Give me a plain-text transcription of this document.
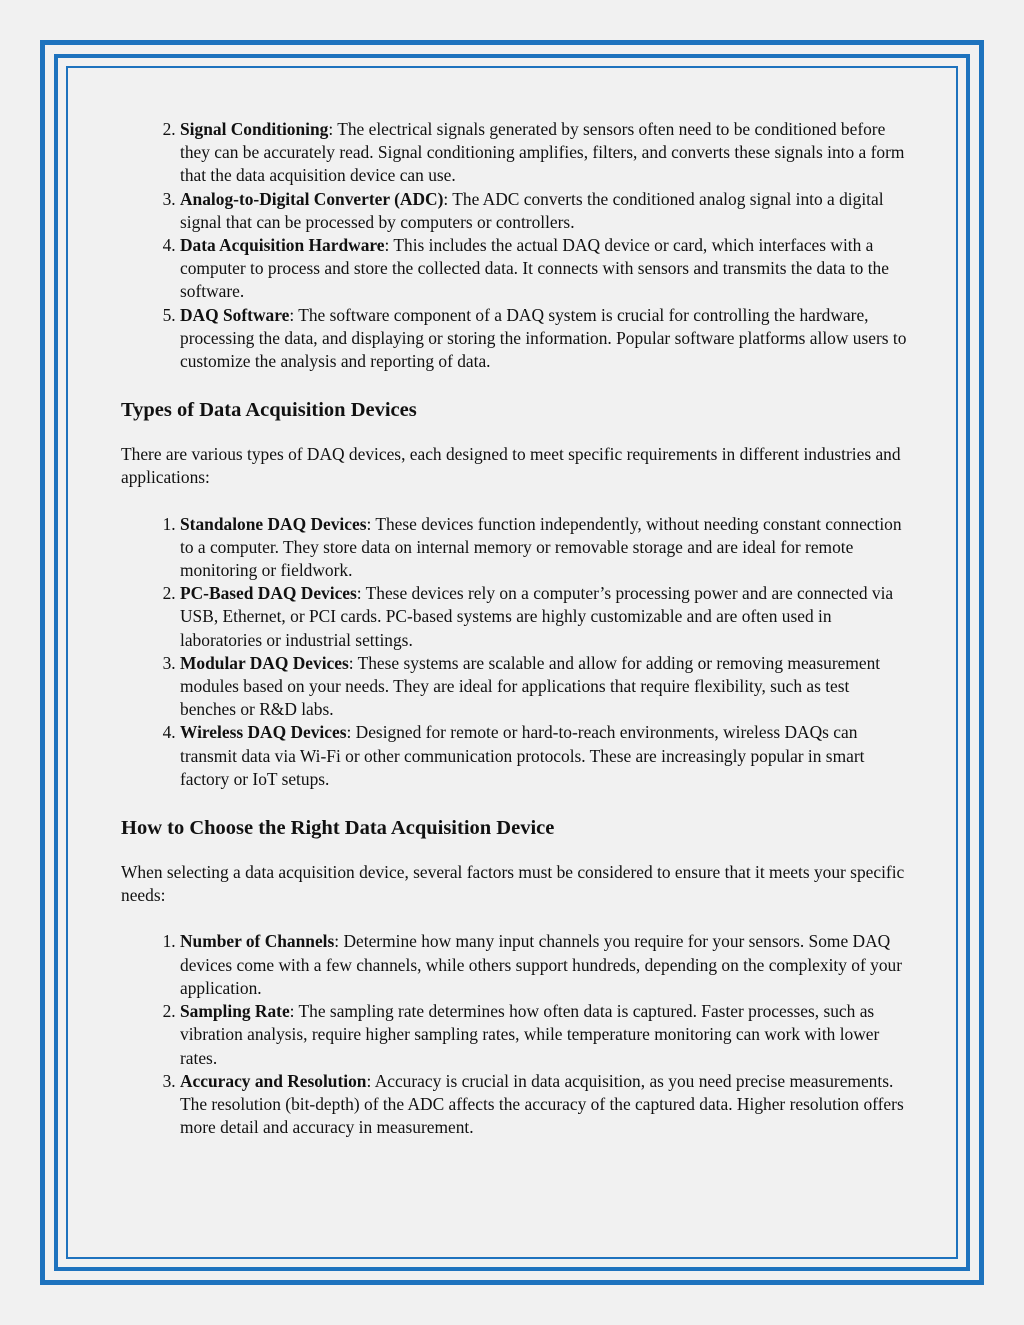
2. Signal Conditioning: The electrical signals generated by sensors often need to be conditioned before they can be accurately read. Signal conditioning amplifies, filters, and converts these signals into a form that the data acquisition device can use.
3. Analog-to-Digital Converter (ADC): The ADC converts the conditioned analog signal into a digital signal that can be processed by computers or controllers.
4. Data Acquisition Hardware: This includes the actual DAQ device or card, which interfaces with a computer to process and store the collected data. It connects with sensors and transmits the data to the software.
5. DAQ Software: The software component of a DAQ system is crucial for controlling the hardware, processing the data, and displaying or storing the information. Popular software platforms allow users to customize the analysis and reporting of data.
Types of Data Acquisition Devices

There are various types of DAQ devices, each designed to meet specific requirements in different industries and applications:

1. Standalone DAQ Devices: These devices function independently, without needing constant connection to a computer. They store data on internal memory or removable storage and are ideal for remote monitoring or fieldwork.
2. PC-Based DAQ Devices: These devices rely on a computer’s processing power and are connected via USB, Ethernet, or PCI cards. PC-based systems are highly customizable and are often used in laboratories or industrial settings.
3. Modular DAQ Devices: These systems are scalable and allow for adding or removing measurement modules based on your needs. They are ideal for applications that require flexibility, such as test benches or R&D labs.
4. Wireless DAQ Devices: Designed for remote or hard-to-reach environments, wireless DAQs can transmit data via Wi-Fi or other communication protocols. These are increasingly popular in smart factory or IoT setups.
How to Choose the Right Data Acquisition Device

When selecting a data acquisition device, several factors must be considered to ensure that it meets your specific needs:

1. Number of Channels: Determine how many input channels you require for your sensors. Some DAQ devices come with a few channels, while others support hundreds, depending on the complexity of your application.
2. Sampling Rate: The sampling rate determines how often data is captured. Faster processes, such as vibration analysis, require higher sampling rates, while temperature monitoring can work with lower rates.
3. Accuracy and Resolution: Accuracy is crucial in data acquisition, as you need precise measurements. The resolution (bit-depth) of the ADC affects the accuracy of the captured data. Higher resolution offers more detail and accuracy in measurement.
